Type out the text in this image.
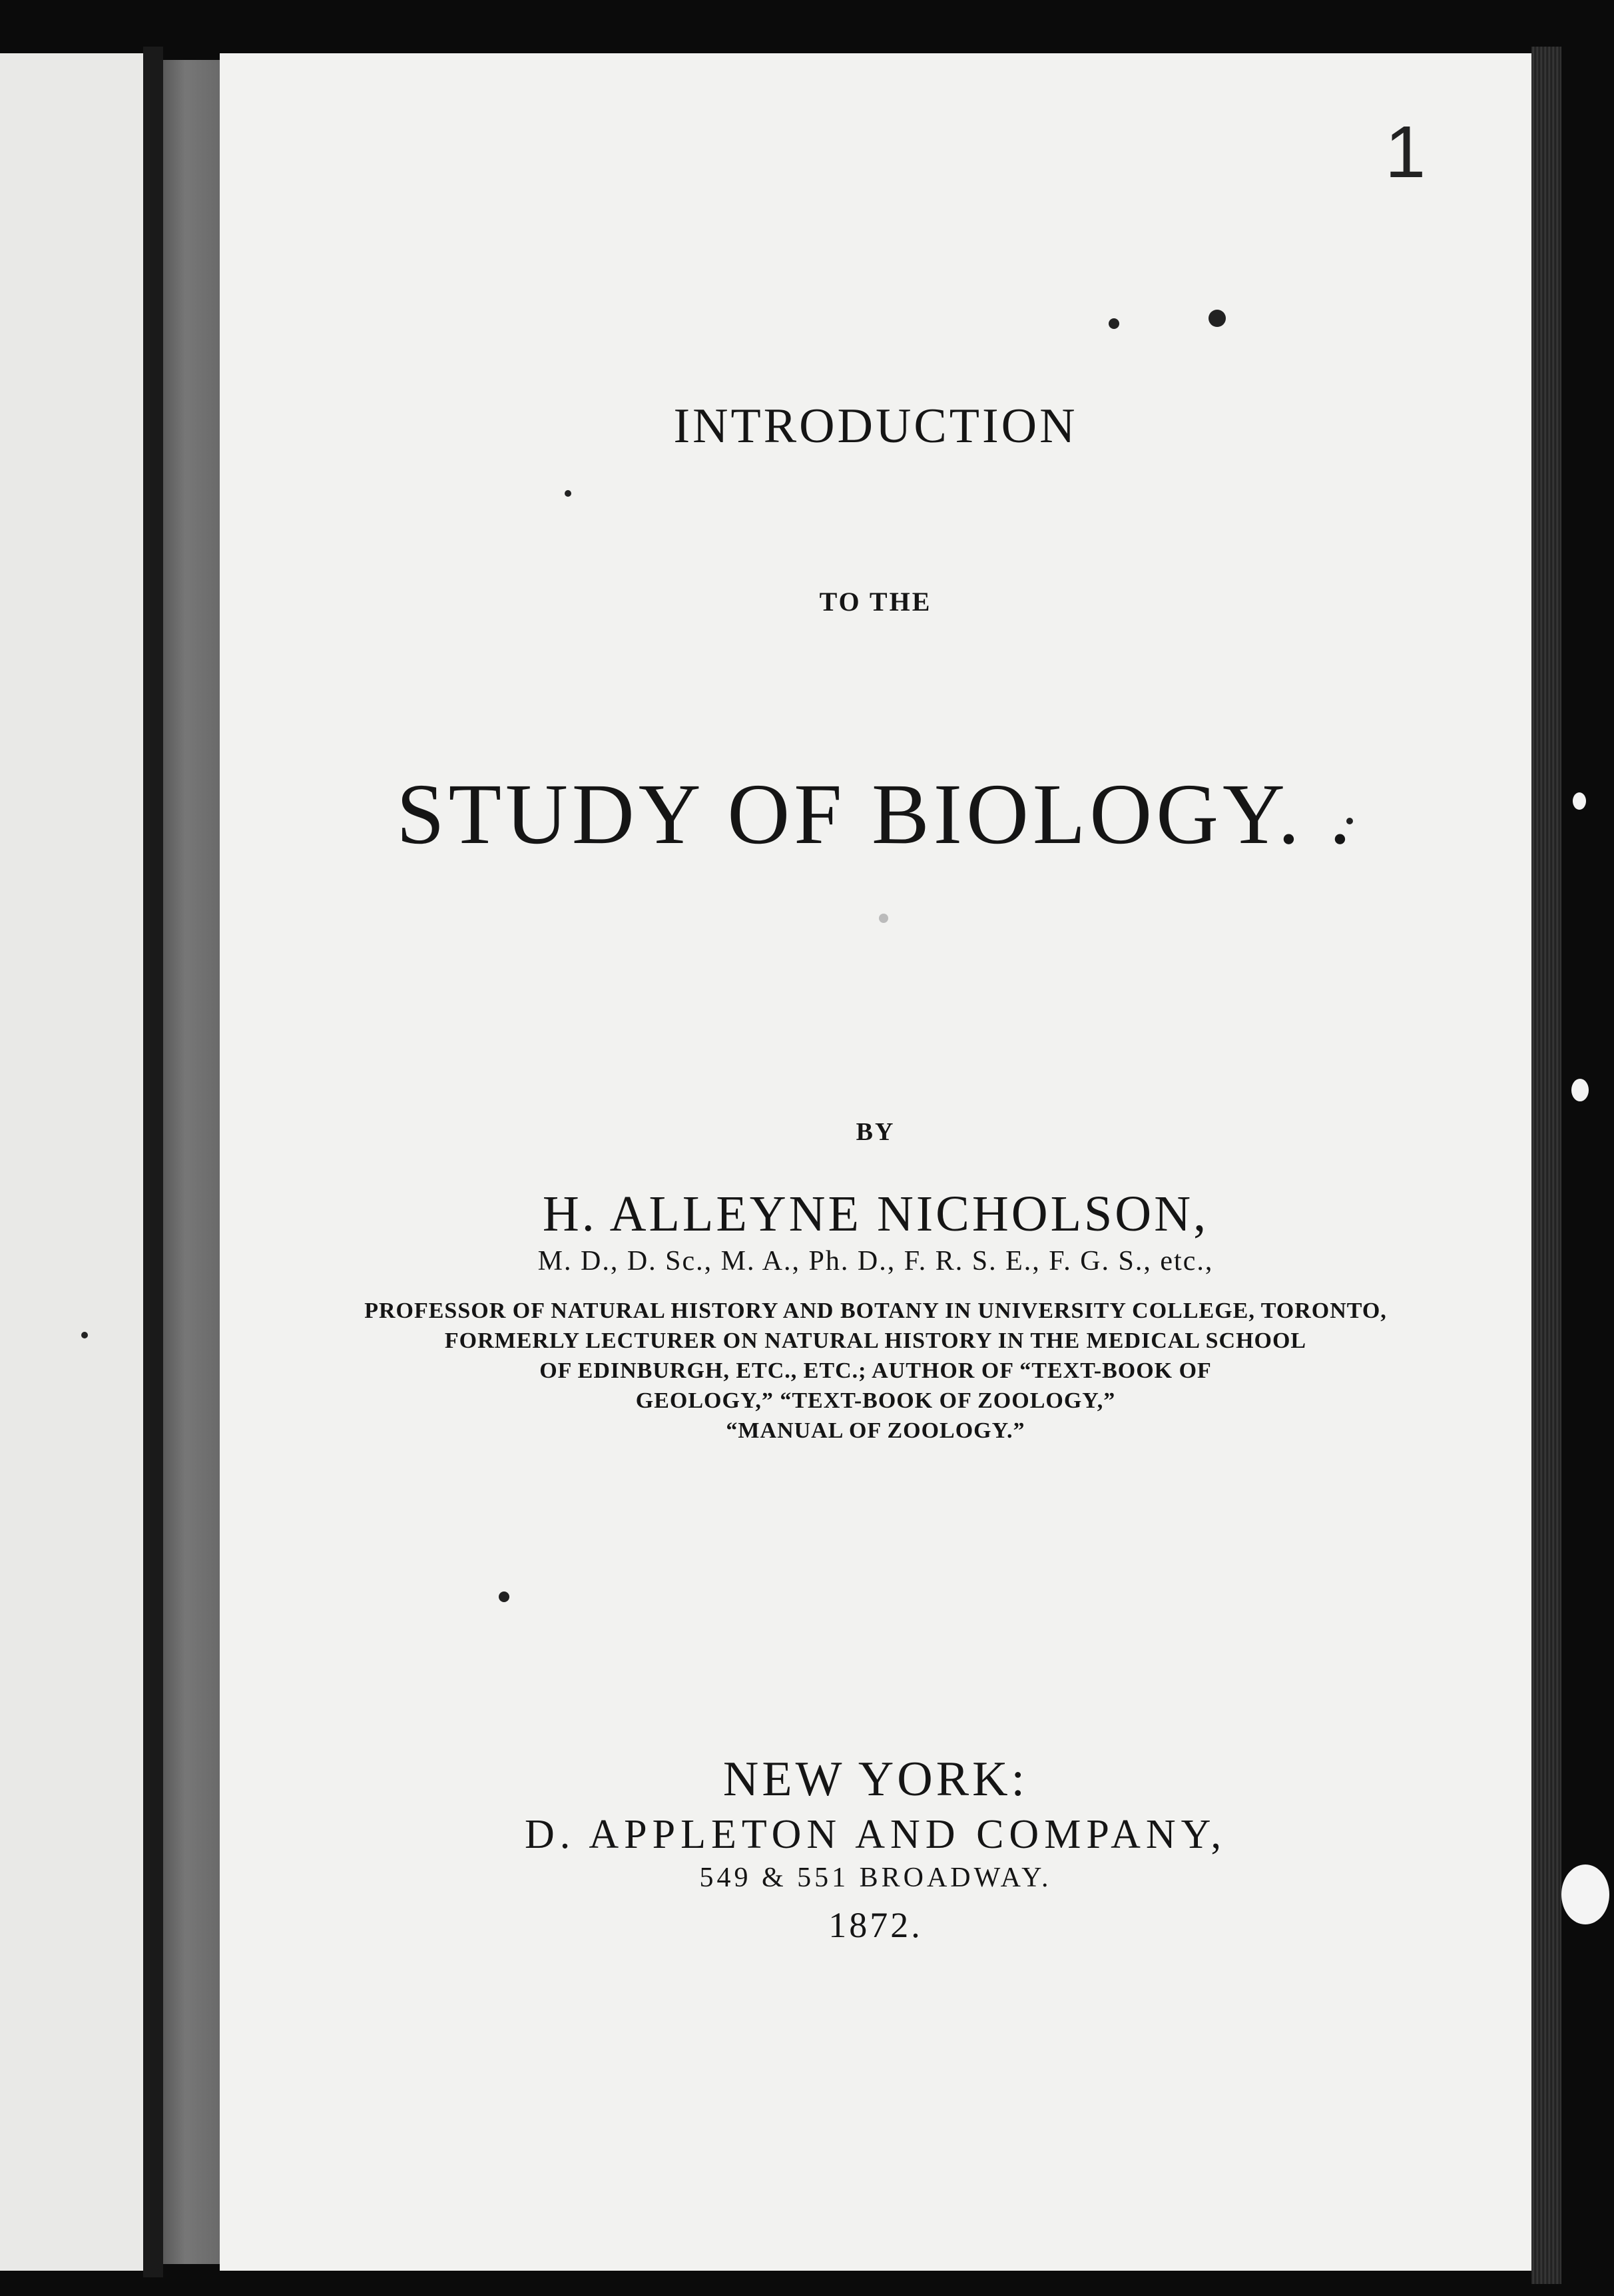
1
INTRODUCTION
TO THE
STUDY OF BIOLOGY. .
BY
H. ALLEYNE NICHOLSON,
M. D., D. Sc., M. A., Ph. D., F. R. S. E., F. G. S., etc.,
PROFESSOR OF NATURAL HISTORY AND BOTANY IN UNIVERSITY COLLEGE, TORONTO,
FORMERLY LECTURER ON NATURAL HISTORY IN THE MEDICAL SCHOOL
OF EDINBURGH, ETC., ETC.; AUTHOR OF “TEXT-BOOK OF
GEOLOGY,” “TEXT-BOOK OF ZOOLOGY,”
“MANUAL OF ZOOLOGY.”
NEW YORK:
D. APPLETON AND COMPANY,
549 & 551 BROADWAY.
1872.
